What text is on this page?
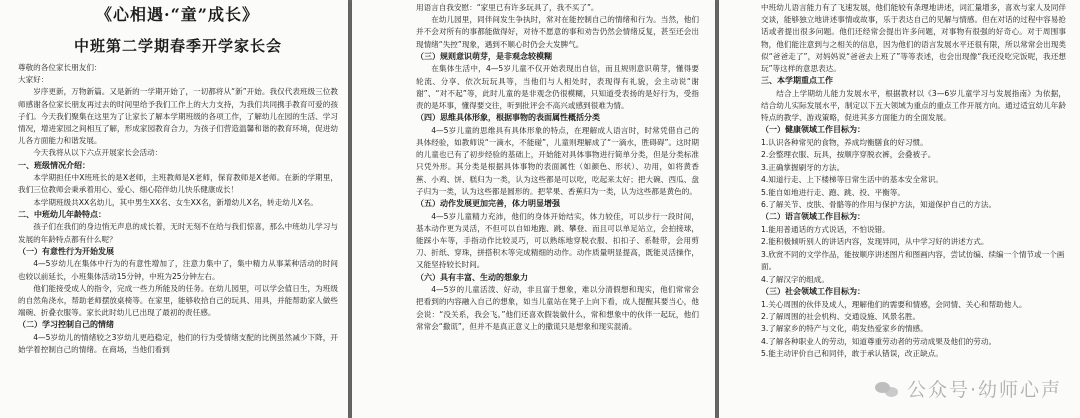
《心相遇·“童”成长》
中班第二学期春季开学家长会

尊敬的各位家长朋友们：

大家好：

岁序更新，万物新篇。又是新的一学期开始了，一切都将从“新”开始。我仅代表班级三位教师感谢各位家长朋友再过去的时间里给予我们工作上的大力支持，为我们共同携手教育可爱的孩子们。今天我们聚集在这里为了让家长了解本学期班级的各项工作，了解幼儿在园的生活、学习情况，增进家园之间相互了解，形成家园教育合力，为孩子们营造温馨和谐的教育环境，促进幼儿各方面能力和谐发展。

今天我将从以下六点开展家长会活动：

一、班级情况介绍：

本学期担任中X班班长的是X老师，主班教师是X老师，保育教师是X老师。在新的学期里，我们三位教师会秉承着用心、爱心、细心陪伴幼儿快乐健康成长！

本学期班级共XX名幼儿，其中男生XX名、女生XX名，新增幼儿X名，转走幼儿X名。

二、中班幼儿年龄特点：

孩子们在我们的身边悄无声息的成长着，无时无刻不在给与我们惊喜，那么中班幼儿学习与发展的年龄特点都有什么呢？

（一）有意性行为开始发展

4—5岁幼儿在集体中行为的有意性增加了，注意力集中了，集中精力从事某种活动的时间也较以前延长，小班集体活动15分钟，中班为25分钟左右。

他们能接受成人的指令，完成一些力所能及的任务。在幼儿园里，可以学会值日生，为班级的自然角浇水，帮助老师摆放桌椅等。在家里，能够收拾自己的玩具、用具，并能帮助家人做些端碗、折叠衣服等。家长此时幼儿已出现了最初的责任感。

（二）学习控制自己的情绪

4—5岁幼儿的情绪较之3岁幼儿更趋稳定，他们的行为受情绪支配的比例虽然减少下降，开始学着控制自己的情绪。在商场，当他们看到

用语言自我安慰：“家里已有许多玩具了，我不买了”。

在幼儿园里，同伴间发生争执时，常对在能控制自己的情绪和行为。当然，他们并不会对所有的事都能做得好，对待不愿意的事和劝告仍然会情绪反复，甚至还会出现情绪“失控”现象，遇到不顺心时仍会大发脾气。

（三）规则意识萌芽，是非观念较模糊

在集体生活中，4—5岁儿童不仅开始表现出自信，而且规则意识萌芽，懂得要轮流、分享、依次玩玩具等，当他们与人相处时，表现得有礼貌，会主动说“谢谢”、“对不起”等，此时儿童的是非观念仍很模糊，只知道受表扬的是好行为，受指责的是坏事，懂得要交往，听到批评会不高兴或感到很难为情。

（四）思维具体形象，根据事物的表面属性概括分类

4—5岁儿童的思维具有具体形象的特点，在理解成人语言时，时常凭借自己的具体经验，如教师说“一滴水，不能碰”，儿童则理解成了“一滴水，胜碍碍”。这时期的儿童也已有了初步经验的基础上，开始能对具体事物进行简单分类，但是分类标准只凭外形。其分类是根据具体事物的表面属性（如颜色、形状）、功用，如将黄香蕉、小鸡、饼、糕归为一类，认为这些都是可以吃，吃起来太好；把大碗、西瓜、盘子归为一类，认为这些都是圆形的。把苹果、香蕉归为一类，认为这些都是黄色的。

（五）动作发展更加完善，体力明显增强

4—5岁儿童精力充沛，他们的身体开始结实，体力较佳，可以步行一段时间，基本动作更为灵活，不但可以自如地跑、跳、攀登、而且可以单足站立，会拍接球，能踩小车等，手指动作比较灵巧，可以熟练地穿脱衣服、扣扣子、系鞋带，会用剪刀、折纸、穿珠，拼搭积木等完成精细的动作。动作质量明显提高，既能灵活操作，又能坚持较长时间。

（六）具有丰富、生动的想象力

4—5岁的儿童活泼、好动，非且富于想象，难以分清假想和现实，他们常常会把看到的内容融入自己的想象，如当儿童站在凳子上向下看，成人提醒其要当心，他会说：“没关系，我会飞。”他们还喜欢假装做什么，常和想象中的伙伴一起玩，他们常常会“撒谎”，但并不是真正意义上的撒谎只是想象和现实混淆。

中班幼儿语言能力有了飞速发展，他们能较有条理地讲述，词汇量增多，喜欢与家人及同伴交谈，能够独立地讲述事情或故事，乐于表达自己的见解与情感。但在对话的过程中容易抢话或者提出很多问题。他们还经常会提出许多问题，对事物有很强的好奇心。对于周围事物，他们能注意到与之相关的信息，因为他们的语言发展水平还很有限，所以常常会出现类似“爸爸走了”，对妈妈说“爸爸去上班了”等等表述，也会出现像“我还没吃完饭呢，我还想玩”等这样的意思表达。

三、本学期重点工作

结合上学期幼儿能力发展水平，根据教材以《3—6岁儿童学习与发展指南》为依据，结合幼儿实际发展水平，制定以下五大领域为重点的重点工作开展方向。通过适宜幼儿年龄特点的教学、游戏策略，促进其多方面能力的全面发展。

（一）健康领域工作目标为：

1.认识各种常见的食物，养成均衡膳食的好习惯。

2.会整理衣服、玩具，按顺序穿脱衣裤，会叠被子。

3.正确掌握刷牙的方法。

4.知道行走、上下楼梯等日常生活中的基本安全常识。

5.能自如地进行走、跑、跳、投、平衡等。

6.了解关节、皮肤、骨骼等的作用与保护方法，知道保护自己的方法。

（二）语言领域工作目标为：

1.能用普通话的方式说话，不怕说错。

2.能积极倾听别人的讲话内容，发现异同，从中学习好的讲述方式。

3.欣赏不同的文学作品，能按顺序讲述图片和图画内容，尝试仿编、续编一个情节或一个画面。

4.了解汉字的组成。

（三）社会领域工作目标为：

1.关心周围的伙伴及成人，理解他们的需要和情感，会同情、关心和帮助他人。

2.了解周围的社会机构、交通设施、风景名胜。

3.了解家乡的特产与文化，萌发热爱家乡的情感。

4.了解各种职业人的劳动，知道尊重劳动者的劳动成果及他们的劳动。

5.能主动评价自己和同伴，敢于承认错误，改正缺点。

公众号·幼师心声
